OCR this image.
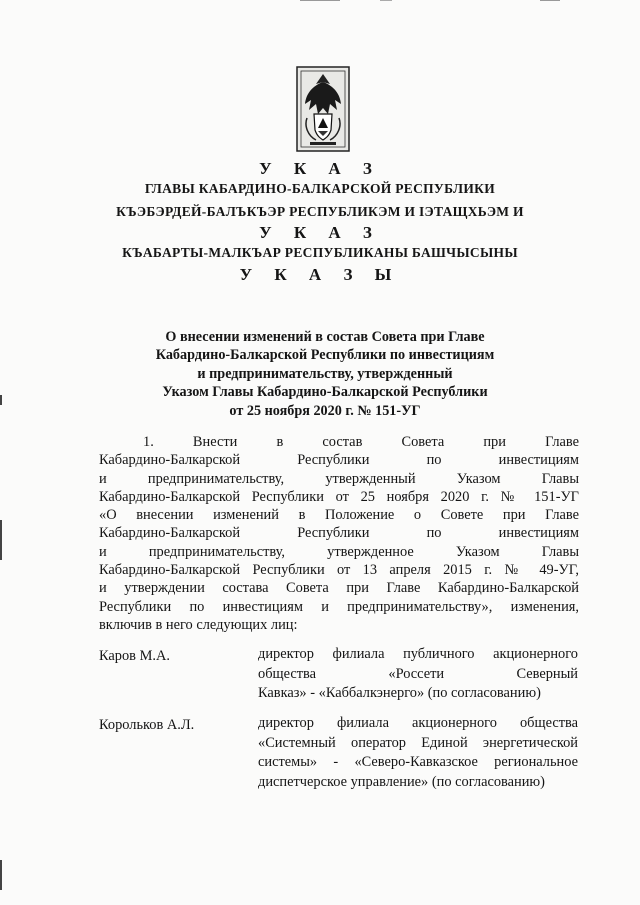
У К А З
ГЛАВЫ КАБАРДИНО-БАЛКАРСКОЙ РЕСПУБЛИКИ
КЪЭБЭРДЕЙ-БАЛЪКЪЭР РЕСПУБЛИКЭМ И ІЭТАЩХЬЭМ И
У К А З
КЪАБАРТЫ-МАЛКЪАР РЕСПУБЛИКАНЫ БАШЧЫСЫНЫ
У К А З Ы
О внесении изменений в состав Совета при Главе
Кабардино-Балкарской Республики по инвестициям
и предпринимательству, утвержденный
Указом Главы Кабардино-Балкарской Республики
от 25 ноября 2020 г. № 151-УГ
1. Внести в состав Совета при Главе
Кабардино-Балкарской Республики по инвестициям
и предпринимательству, утвержденный Указом Главы
Кабардино-Балкарской Республики от 25 ноября 2020 г. № 151-УГ
«О внесении изменений в Положение о Совете при Главе
Кабардино-Балкарской Республики по инвестициям
и предпринимательству, утвержденное Указом Главы
Кабардино-Балкарской Республики от 13 апреля 2015 г. № 49-УГ,
и утверждении состава Совета при Главе Кабардино-Балкарской
Республики по инвестициям и предпринимательству», изменения,
включив в него следующих лиц:
Каров М.А.	директор филиала публичного акционерного
общества «Россети Северный
Кавказ» - «Каббалкэнерго» (по согласованию)
Корольков А.Л.	директор филиала акционерного общества
«Системный оператор Единой энергетической
системы» - «Северо-Кавказское региональное
диспетчерское управление» (по согласованию)
